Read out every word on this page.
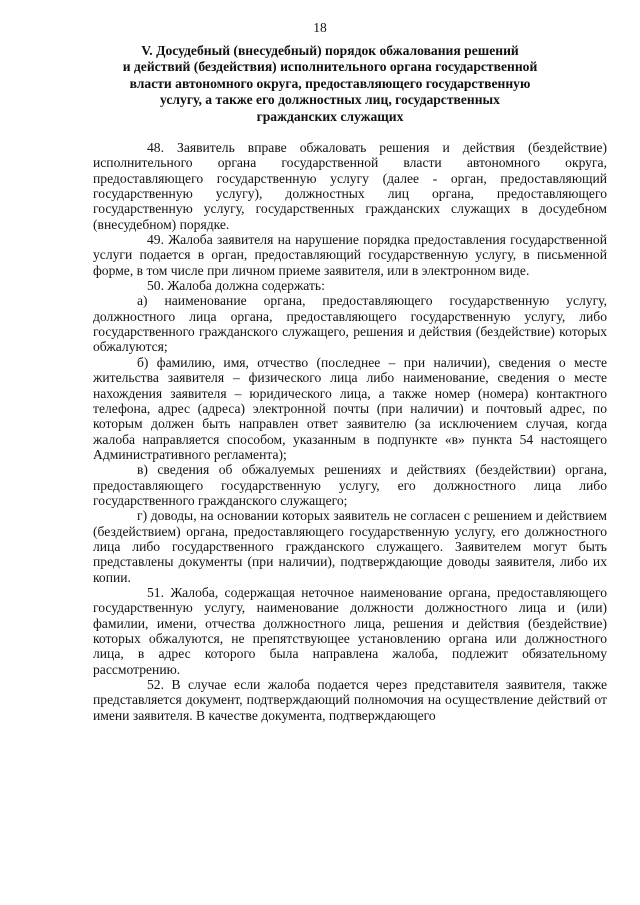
18
V. Досудебный (внесудебный) порядок обжалования решений
и действий (бездействия) исполнительного органа государственной
власти автономного округа, предоставляющего государственную
услугу, а также его должностных лиц, государственных
гражданских служащих

48. Заявитель вправе обжаловать решения и действия (бездействие) исполнительного органа государственной власти автономного округа, предоставляющего государственную услугу (далее - орган, предоставляющий государственную услугу), должностных лиц органа, предоставляющего государственную услугу, государственных гражданских служащих в досудебном (внесудебном) порядке.

49. Жалоба заявителя на нарушение порядка предоставления государственной услуги подается в орган, предоставляющий государственную услугу, в письменной форме, в том числе при личном приеме заявителя, или в электронном виде.

50. Жалоба должна содержать:

а) наименование органа, предоставляющего государственную услугу, должностного лица органа, предоставляющего государственную услугу, либо государственного гражданского служащего, решения и действия (бездействие) которых обжалуются;

б) фамилию, имя, отчество (последнее – при наличии), сведения о месте жительства заявителя – физического лица либо наименование, сведения о месте нахождения заявителя – юридического лица, а также номер (номера) контактного телефона, адрес (адреса) электронной почты (при наличии) и почтовый адрес, по которым должен быть направлен ответ заявителю (за исключением случая, когда жалоба направляется способом, указанным в подпункте «в» пункта 54 настоящего Административного регламента);

в) сведения об обжалуемых решениях и действиях (бездействии) органа, предоставляющего государственную услугу, его должностного лица либо государственного гражданского служащего;

г) доводы, на основании которых заявитель не согласен с решением и действием (бездействием) органа, предоставляющего государственную услугу, его должностного лица либо государственного гражданского служащего. Заявителем могут быть представлены документы (при наличии), подтверждающие доводы заявителя, либо их копии.

51. Жалоба, содержащая неточное наименование органа, предоставляющего государственную услугу, наименование должности должностного лица и (или) фамилии, имени, отчества должностного лица, решения и действия (бездействие) которых обжалуются, не препятствующее установлению органа или должностного лица, в адрес которого была направлена жалоба, подлежит обязательному рассмотрению.

52. В случае если жалоба подается через представителя заявителя, также представляется документ, подтверждающий полномочия на осуществление действий от имени заявителя. В качестве документа, подтверждающего
